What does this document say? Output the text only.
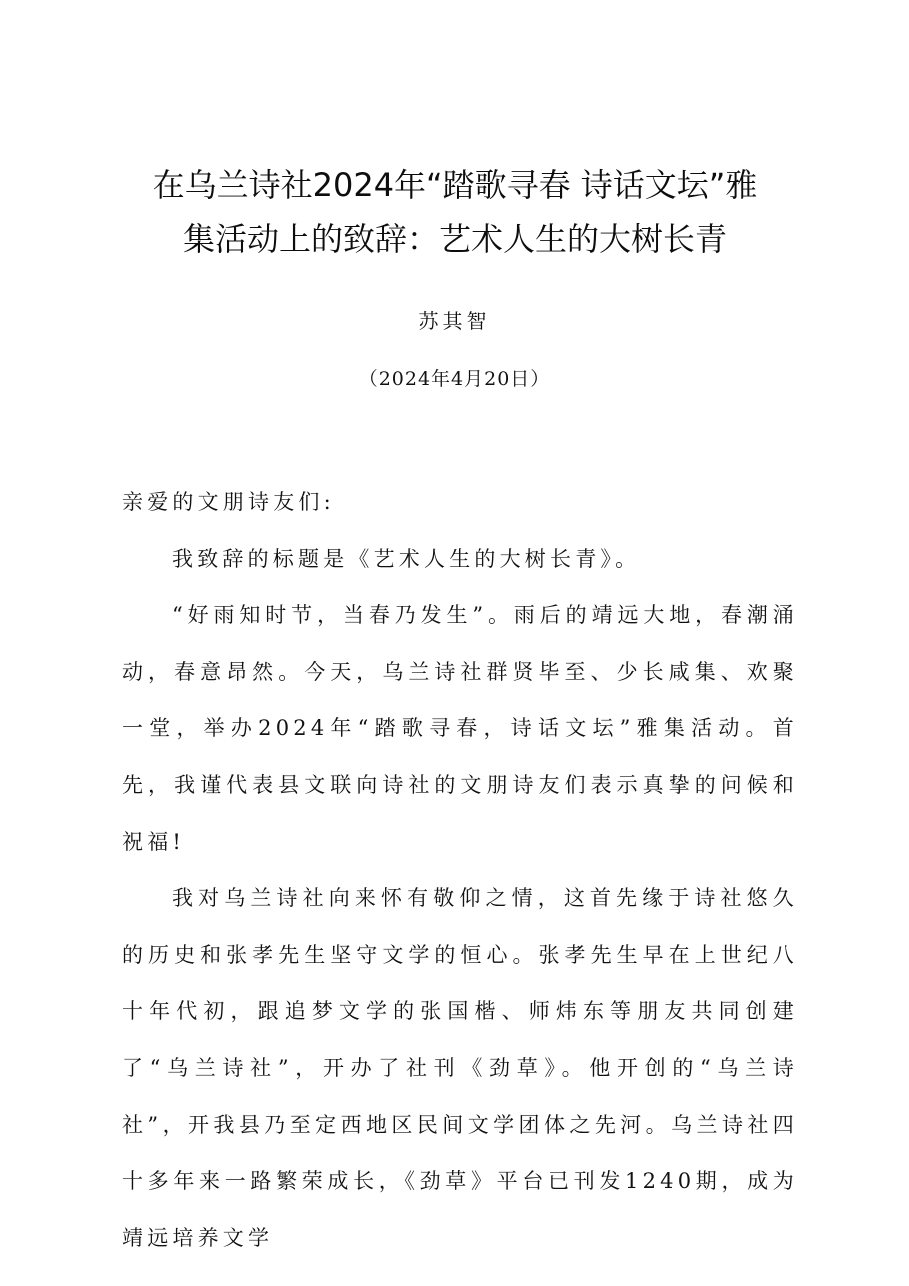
在乌兰诗社2024年“踏歌寻春 诗话文坛”雅
集活动上的致辞：艺术人生的大树长青
苏其智
（2024年4月20日）

亲爱的文朋诗友们:

我致辞的标题是《艺术人生的大树长青》。

“好雨知时节，当春乃发生”。雨后的靖远大地，春潮涌动，春意昂然。今天，乌兰诗社群贤毕至、少长咸集、欢聚一堂，举办2024年“踏歌寻春，诗话文坛”雅集活动。首先，我谨代表县文联向诗社的文朋诗友们表示真挚的问候和祝福!

我对乌兰诗社向来怀有敬仰之情，这首先缘于诗社悠久的历史和张孝先生坚守文学的恒心。张孝先生早在上世纪八十年代初，跟追梦文学的张国楷、师炜东等朋友共同创建了“乌兰诗社”，开办了社刊《劲草》。他开创的“乌兰诗社”，开我县乃至定西地区民间文学团体之先河。乌兰诗社四十多年来一路繁荣成长，《劲草》平台已刊发1240期，成为靖远培养文学
